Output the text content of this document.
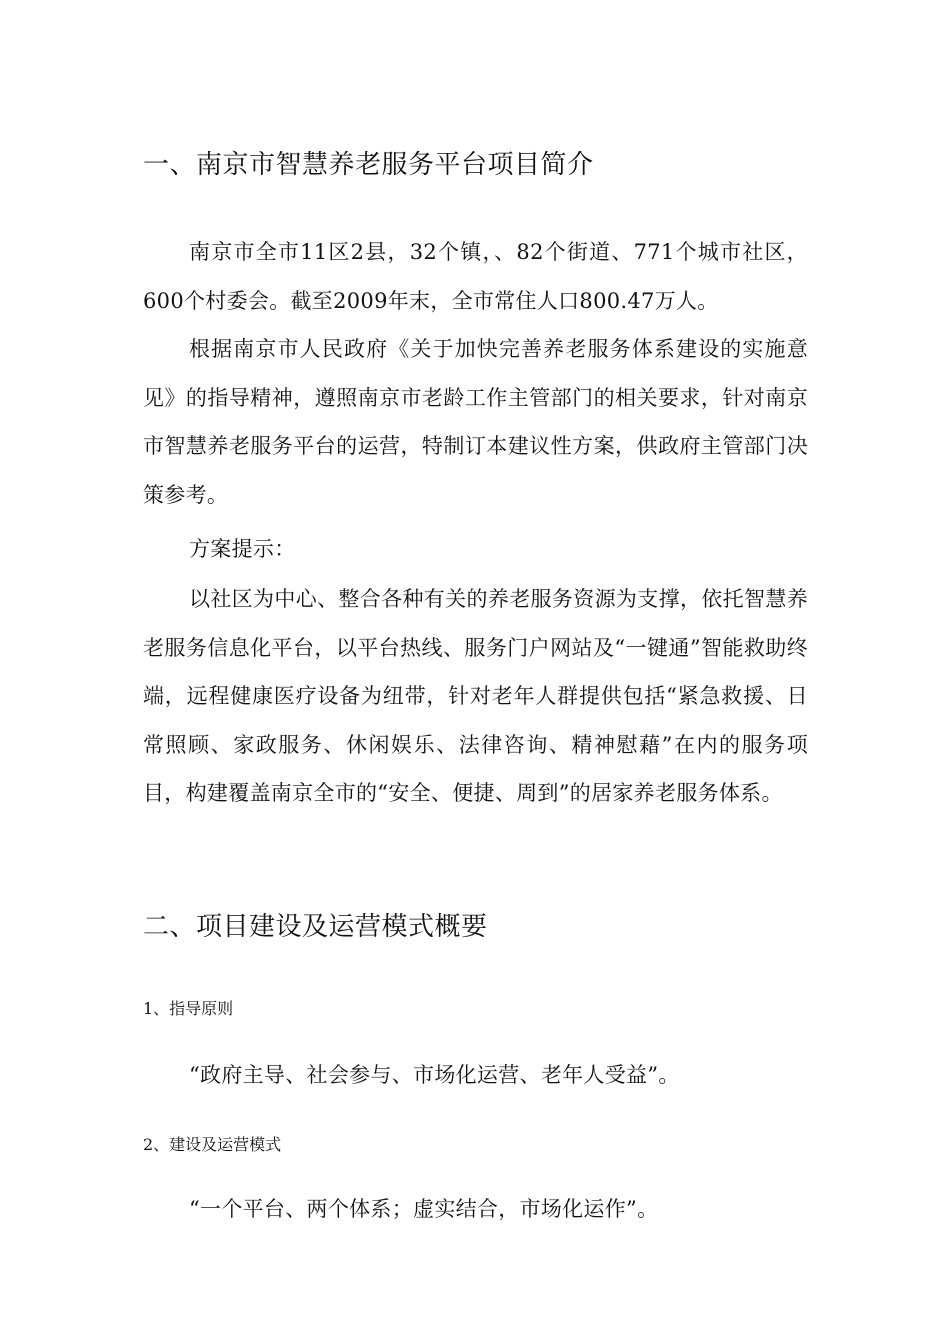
一、南京市智慧养老服务平台项目简介
南京市全市11区2县，32个镇，、82个街道、771个城市社区，600个村委会。截至2009年末，全市常住人口800.47万人。
根据南京市人民政府《关于加快完善养老服务体系建设的实施意见》的指导精神，遵照南京市老龄工作主管部门的相关要求，针对南京市智慧养老服务平台的运营，特制订本建议性方案，供政府主管部门决策参考。
方案提示：
以社区为中心、整合各种有关的养老服务资源为支撑，依托智慧养老服务信息化平台，以平台热线、服务门户网站及“一键通”智能救助终端，远程健康医疗设备为纽带，针对老年人群提供包括“紧急救援、日常照顾、家政服务、休闲娱乐、法律咨询、精神慰藉”在内的服务项目，构建覆盖南京全市的“安全、便捷、周到”的居家养老服务体系。
二、项目建设及运营模式概要
1、指导原则
“政府主导、社会参与、市场化运营、老年人受益”。
2、建设及运营模式
“一个平台、两个体系；虚实结合，市场化运作”。
